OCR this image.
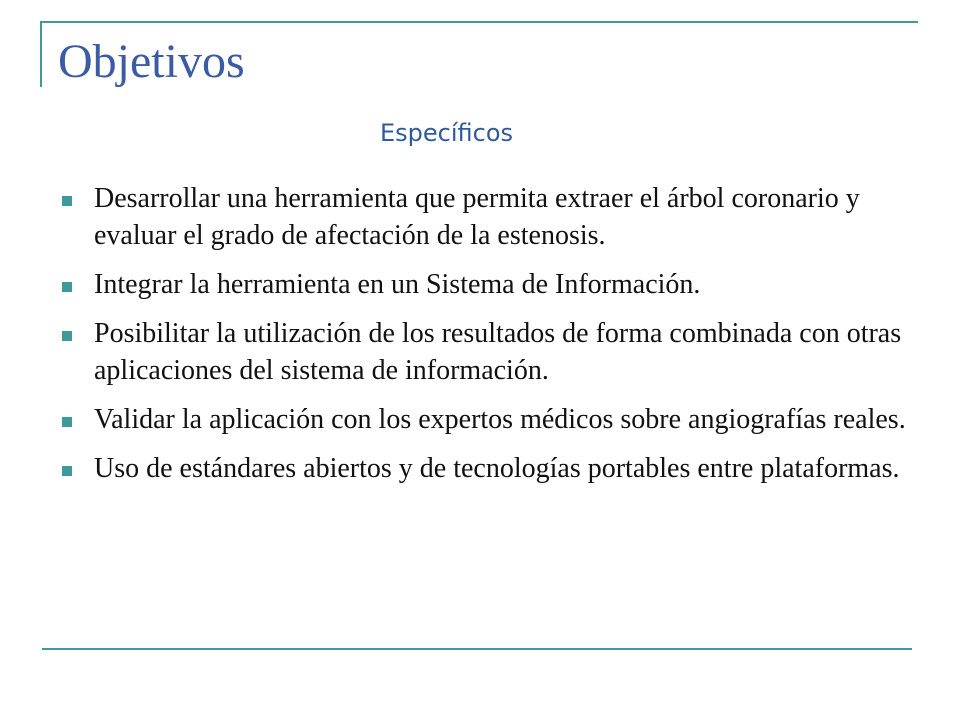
Objetivos
Específicos
Desarrollar una herramienta que permita extraer el árbol coronario y evaluar el grado de afectación de la estenosis.
Integrar la herramienta en un Sistema de Información.
Posibilitar la utilización de los resultados de forma combinada con otras aplicaciones del sistema de información.
Validar la aplicación con los expertos médicos sobre angiografías reales.
Uso de estándares abiertos y de tecnologías portables entre plataformas.
